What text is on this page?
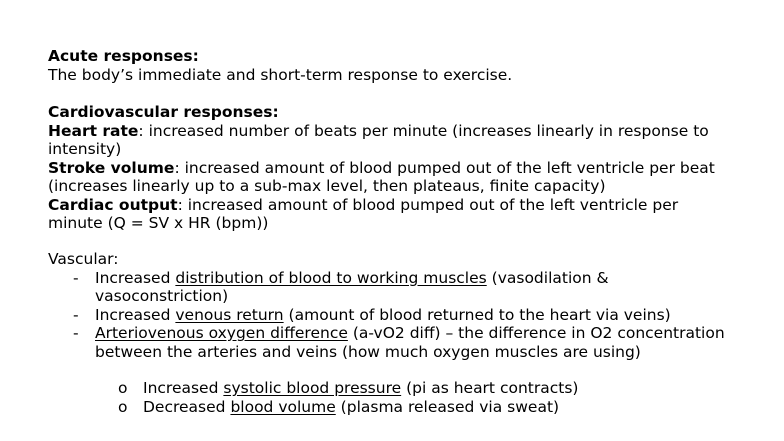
Acute responses:
The body’s immediate and short-term response to exercise.
Cardiovascular responses:
Heart rate: increased number of beats per minute (increases linearly in response to intensity)
Stroke volume: increased amount of blood pumped out of the left ventricle per beat (increases linearly up to a sub-max level, then plateaus, finite capacity)
Cardiac output: increased amount of blood pumped out of the left ventricle per minute (Q = SV x HR (bpm))
Vascular:
- Increased distribution of blood to working muscles (vasodilation & vasoconstriction)
- Increased venous return (amount of blood returned to the heart via veins)
- Arteriovenous oxygen difference (a-vO2 diff) – the difference in O2 concentration between the arteries and veins (how much oxygen muscles are using)
o Increased systolic blood pressure (pi as heart contracts)
o Decreased blood volume (plasma released via sweat)
